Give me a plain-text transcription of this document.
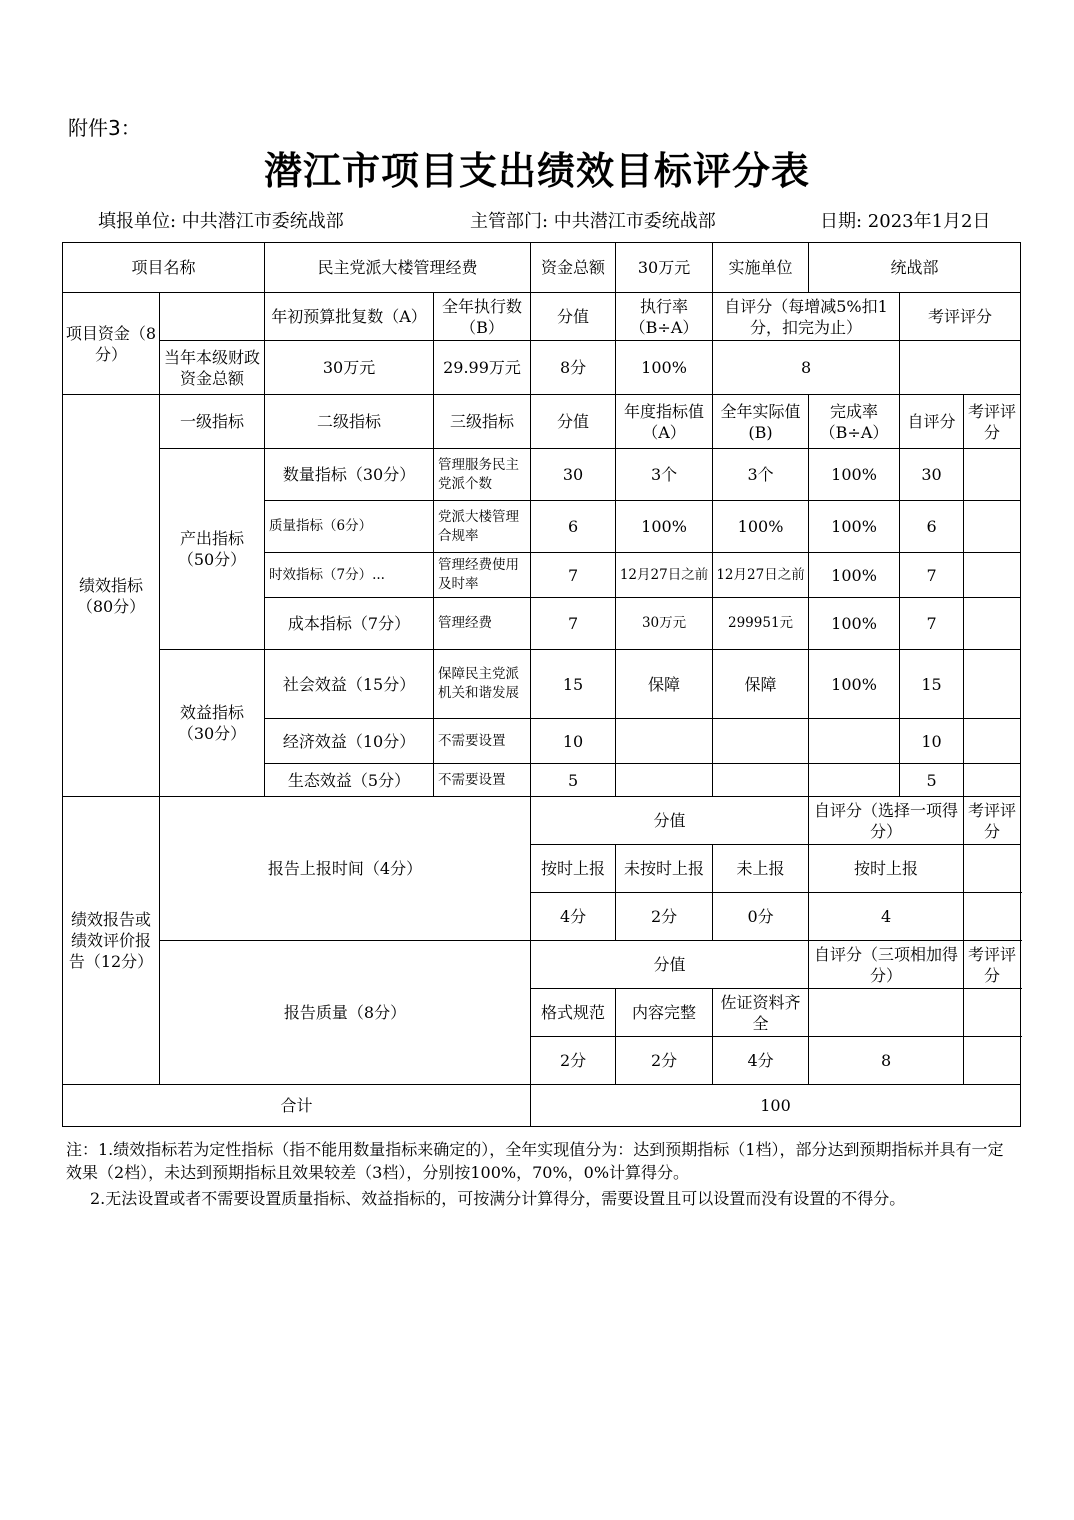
附件3：
潜江市项目支出绩效目标评分表
填报单位: 中共潜江市委统战部	主管部门: 中共潜江市委统战部	日期: 2023年1月2日
项目名称		民主党派大楼管理经费		资金总额	30万元	实施单位	统战部			
项目资金（8分）		年初预算批复数（A）	全年执行数（B）	分值	执行率（B÷A）	自评分（每增减5%扣1分，扣完为止）		考评评分		
	当年本级财政资金总额	30万元	29.99万元	8分	100%	8				
绩效指标（80分）	一级指标	二级指标	三级指标	分值	年度指标值（A）	全年实际值(B)	完成率（B÷A）	自评分	考评评分	
	产出指标（50分）	数量指标（30分）	管理服务民主党派个数	30	3个	3个	100%	30		
		质量指标（6分）	党派大楼管理合规率	6	100%	100%	100%	6		
		时效指标（7分）...	管理经费使用及时率	7	12月27日之前	12月27日之前	100%	7		
		成本指标（7分）	管理经费	7	30万元	299951元	100%	7		
	效益指标（30分）	社会效益（15分）	保障民主党派机关和谐发展	15	保障	保障	100%	15		
		经济效益（10分）	不需要设置	10				10		
		生态效益（5分）	不需要设置	5				5		
绩效报告或绩效评价报告（12分）	报告上报时间（4分）			分值			自评分（选择一项得分）		考评评分	
				按时上报	未按时上报	未上报	按时上报			
				4分	2分	0分	4			
	报告质量（8分）			分值			自评分（三项相加得分）		考评评分	
				格式规范	内容完整	佐证资料齐全				
				2分	2分	4分	8			
合计				100						

注：1.绩效指标若为定性指标（指不能用数量指标来确定的），全年实现值分为：达到预期指标（1档），部分达到预期指标并具有一定效果（2档），未达到预期指标且效果较差（3档），分别按100%，70%，0%计算得分。

2.无法设置或者不需要设置质量指标、效益指标的，可按满分计算得分，需要设置且可以设置而没有设置的不得分。
